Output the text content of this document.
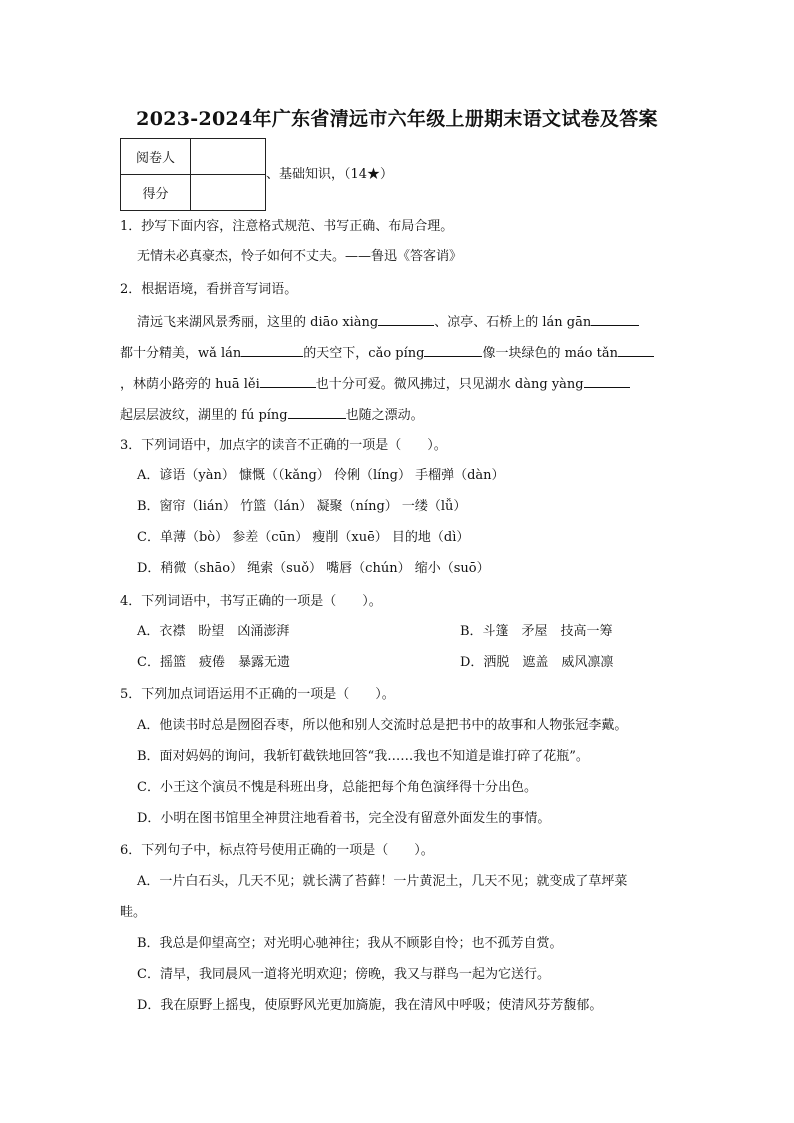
2023-2024年广东省清远市六年级上册期末语文试卷及答案
阅卷人	
得分	
、基础知识，（14★）
1．抄写下面内容，注意格式规范、书写正确、布局合理。
无情未必真豪杰，怜子如何不丈夫。——鲁迅《答客诮》
2．根据语境，看拼音写词语。
清远飞来湖风景秀丽，这里的 diāo xiàng	、凉亭、石桥上的 lán gān
都十分精美，wǎ lán	的天空下，cǎo píng	像一块绿色的 máo tǎn
，林荫小路旁的 huā lěi	也十分可爱。微风拂过，只见湖水 dàng yàng
起层层波纹，湖里的 fú píng	也随之漂动。
3．下列词语中，加点字的读音不正确的一项是（　　）。
A．谚语（yàn） 慷慨（（kǎng） 伶俐（líng） 手榴弹（dàn）
B．窗帘（lián） 竹篮（lán） 凝聚（níng） 一缕（lǚ）
C．单薄（bò） 参差（cūn） 瘦削（xuē） 目的地（dì）
D．稍微（shāo） 绳索（suǒ） 嘴唇（chún） 缩小（suō）
4．下列词语中，书写正确的一项是（　　）。
A．衣襟　盼望　凶涌澎湃	B．斗篷　矛屋　技高一筹
C．摇篮　疲倦　暴露无遗	D．洒脱　遮盖　威风凛凛
5．下列加点词语运用不正确的一项是（　　）。
A．他读书时总是囫囵吞枣，所以他和别人交流时总是把书中的故事和人物张冠李戴。
B．面对妈妈的询问，我斩钉截铁地回答“我……我也不知道是谁打碎了花瓶”。
C．小王这个演员不愧是科班出身，总能把每个角色演绎得十分出色。
D．小明在图书馆里全神贯注地看着书，完全没有留意外面发生的事情。
6．下列句子中，标点符号使用正确的一项是（　　）。
A．一片白石头，几天不见；就长满了苔藓！一片黄泥土，几天不见；就变成了草坪菜
畦。
B．我总是仰望高空；对光明心驰神往；我从不顾影自怜；也不孤芳自赏。
C．清早，我同晨风一道将光明欢迎；傍晚，我又与群鸟一起为它送行。
D．我在原野上摇曳，使原野风光更加旖旎，我在清风中呼吸；使清风芬芳馥郁。
